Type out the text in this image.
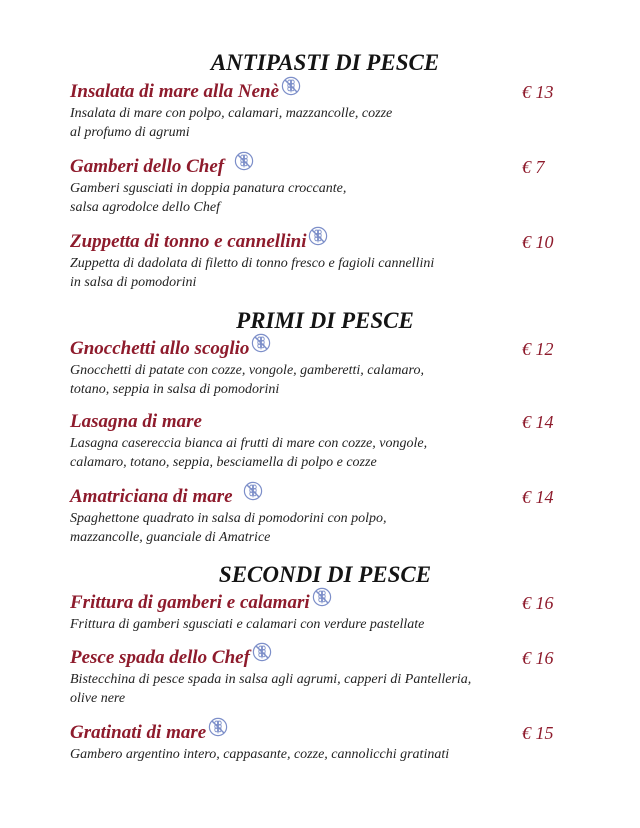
ANTIPASTI DI PESCE
Insalata di mare alla Nenè	€ 13

Insalata di mare con polpo, calamari, mazzancolle, cozze

al profumo di agrumi

Gamberi dello Chef	€ 7

Gamberi sgusciati in doppia panatura croccante,

salsa agrodolce dello Chef

Zuppetta di tonno e cannellini	€ 10

Zuppetta di dadolata di filetto di tonno fresco e fagioli cannellini

in salsa di pomodorini

PRIMI DI PESCE
Gnocchetti allo scoglio	€ 12

Gnocchetti di patate con cozze, vongole, gamberetti, calamaro,

totano, seppia in salsa di pomodorini

Lasagna di mare	€ 14

Lasagna casereccia bianca ai frutti di mare con cozze, vongole,

calamaro, totano, seppia, besciamella di polpo e cozze

Amatriciana di mare	€ 14

Spaghettone quadrato in salsa di pomodorini con polpo,

mazzancolle, guanciale di Amatrice

SECONDI DI PESCE
Frittura di gamberi e calamari	€ 16

Frittura di gamberi sgusciati e calamari con verdure pastellate

Pesce spada dello Chef	€ 16

Bistecchina di pesce spada in salsa agli agrumi, capperi di Pantelleria,

olive nere

Gratinati di mare	€ 15

Gambero argentino intero, cappasante, cozze, cannolicchi gratinati
